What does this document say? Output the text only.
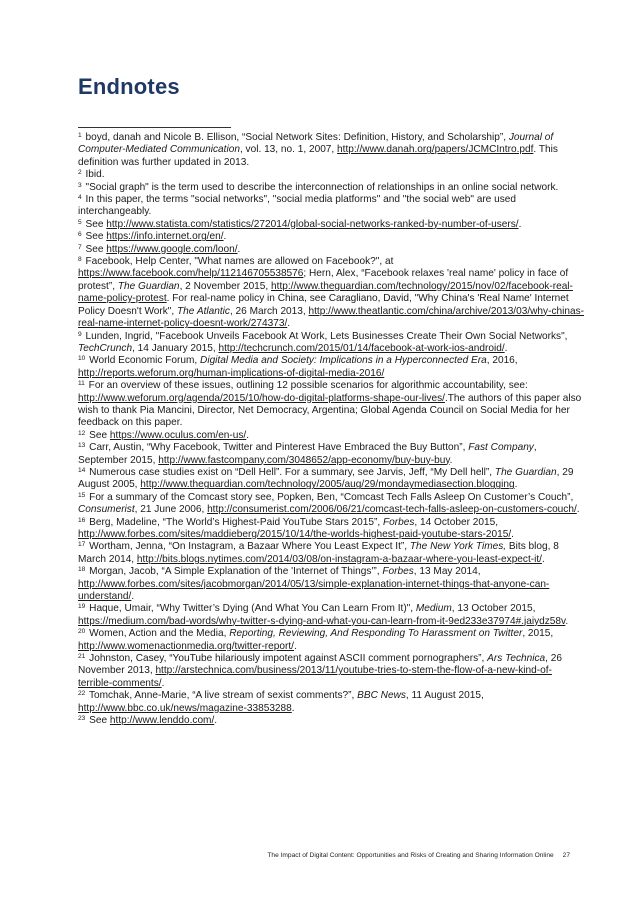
Endnotes

$^1$ boyd, danah and Nicole B. Ellison, “Social Network Sites: Definition, History, and Scholarship”, Journal of Computer-Mediated Communication, vol. 13, no. 1, 2007, http://www.danah.org/papers/JCMCIntro.pdf. This definition was further updated in 2013.

$^2$ Ibid.

$^3$ "Social graph" is the term used to describe the interconnection of relationships in an online social network.

$^4$ In this paper, the terms "social networks", "social media platforms" and "the social web" are used interchangeably.

$^5$ See http://www.statista.com/statistics/272014/global-social-networks-ranked-by-number-of-users/.

$^6$ See https://info.internet.org/en/.

$^7$ See https://www.google.com/loon/.

$^8$ Facebook, Help Center, "What names are allowed on Facebook?", at https://www.facebook.com/help/112146705538576; Hern, Alex, “Facebook relaxes 'real name' policy in face of protest”, The Guardian, 2 November 2015, http://www.theguardian.com/technology/2015/nov/02/facebook-real-name-policy-protest. For real-name policy in China, see Caragliano, David, "Why China's 'Real Name' Internet Policy Doesn't Work", The Atlantic, 26 March 2013, http://www.theatlantic.com/china/archive/2013/03/why-chinas-real-name-internet-policy-doesnt-work/274373/.

$^9$ Lunden, Ingrid, "Facebook Unveils Facebook At Work, Lets Businesses Create Their Own Social Networks", TechCrunch, 14 January 2015, http://techcrunch.com/2015/01/14/facebook-at-work-ios-android/.

$^{10}$ World Economic Forum, Digital Media and Society: Implications in a Hyperconnected Era, 2016, http://reports.weforum.org/human-implications-of-digital-media-2016/

$^{11}$ For an overview of these issues, outlining 12 possible scenarios for algorithmic accountability, see: http://www.weforum.org/agenda/2015/10/how-do-digital-platforms-shape-our-lives/.The authors of this paper also wish to thank Pia Mancini, Director, Net Democracy, Argentina; Global Agenda Council on Social Media for her feedback on this paper.

$^{12}$ See https://www.oculus.com/en-us/.

$^{13}$ Carr, Austin, “Why Facebook, Twitter and Pinterest Have Embraced the Buy Button”, Fast Company, September 2015, http://www.fastcompany.com/3048652/app-economy/buy-buy-buy.

$^{14}$ Numerous case studies exist on “Dell Hell”. For a summary, see Jarvis, Jeff, “My Dell hell”, The Guardian, 29 August 2005, http://www.theguardian.com/technology/2005/aug/29/mondaymediasection.blogging.

$^{15}$ For a summary of the Comcast story see, Popken, Ben, “Comcast Tech Falls Asleep On Customer’s Couch”, Consumerist, 21 June 2006, http://consumerist.com/2006/06/21/comcast-tech-falls-asleep-on-customers-couch/.

$^{16}$ Berg, Madeline, “The World’s Highest-Paid YouTube Stars 2015”, Forbes, 14 October 2015, http://www.forbes.com/sites/maddieberg/2015/10/14/the-worlds-highest-paid-youtube-stars-2015/.

$^{17}$ Wortham, Jenna, “On Instagram, a Bazaar Where You Least Expect It”, The New York Times, Bits blog, 8 March 2014, http://bits.blogs.nytimes.com/2014/03/08/on-instagram-a-bazaar-where-you-least-expect-it/.

$^{18}$ Morgan, Jacob, “A Simple Explanation of the 'Internet of Things'”, Forbes, 13 May 2014, http://www.forbes.com/sites/jacobmorgan/2014/05/13/simple-explanation-internet-things-that-anyone-can-understand/.

$^{19}$ Haque, Umair, “Why Twitter’s Dying (And What You Can Learn From It)", Medium, 13 October 2015, https://medium.com/bad-words/why-twitter-s-dying-and-what-you-can-learn-from-it-9ed233e37974#.jaiydz58v.

$^{20}$ Women, Action and the Media, Reporting, Reviewing, And Responding To Harassment on Twitter, 2015, http://www.womenactionmedia.org/twitter-report/.

$^{21}$ Johnston, Casey, “YouTube hilariously impotent against ASCII comment pornographers”, Ars Technica, 26 November 2013, http://arstechnica.com/business/2013/11/youtube-tries-to-stem-the-flow-of-a-new-kind-of-terrible-comments/.

$^{22}$ Tomchak, Anne-Marie, “A live stream of sexist comments?”, BBC News, 11 August 2015, http://www.bbc.co.uk/news/magazine-33853288.

$^{23}$ See http://www.lenddo.com/.

The Impact of Digital Content: Opportunities and Risks of Creating and Sharing Information Online 27
